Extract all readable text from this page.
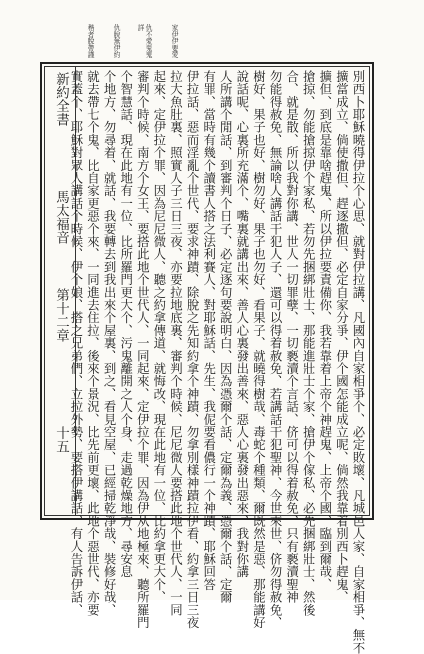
稭者脫帶謹	仇脫無伊約	仇不愛鬼鬼詳	家伊伊要愛
新約全書馬太福音第十二章十五	別西卜耶穌曉得伊拉个心思、就對伊拉講、凡國內自家相爭个、必定敗壞、凡城邑人家、自家相爭、無不
擴當成立、倘使撒但、趕逐撒但、必定自家分爭、伊个國怎能成立呢、倘然我靠着別西卜趕鬼、
擴但、到底是靠啥趕鬼、所以伊拉要責備你、我若靠着上帝个神趕鬼、上帝个國、臨到爾哉、
搶掠、勿能搶掠伊个家私、若勿先捆綁壯士、那能進壯士个家、搶伊个傢私、必先捆綁壯士、然後
合、就是散、所以我對你講、世人一切罪孽、一切褻瀆个言話、侪可以得着赦免、只有褻瀆聖神
勿能得赦免、無論啥人講話干犯人子、還可以得着赦免、若講話干犯聖神、今世來世、侪勿得赦免、
樹好、果子也好、樹勿好、果子也勿好、看果子、就曉得樹哉、毒蛇个種類、爾既然是惡、那能講好
說話呢、心裏所充滿个、嘴裏就講出來、善人心裏發出善來、惡人心裏發出惡來、我對你講
人所講个閒話、到審判个日子、必定逐句要說明白、因為憑爾个話、定爾為義、憑爾个話、定爾
有罪、當時有幾个讀書人搭之法利賽人、對耶穌話、先生、我伲要看儂行一个神蹟、耶穌回答
伊拉話、惡而淫亂个世代、要求神蹟、除脫之先知約拿个神蹟、勿拿別樣神蹟拉伊看、約拿三日三夜
拉大魚肚裏、照實人子三日三夜、亦要拉地底裏、審判个時候、尼尼微人要搭此地个世代人、一同
起來、定伊拉个罪、因為尼尼微人、聽之約拿傳道、就悔改、現在此地有一位、比約拿更大个、
審判个時候、南方个女王、要搭此地个世代人、一同起來、定伊拉个罪、因為伊从地極來、聽所羅門
个智慧話、現在此地有一位、比所羅門更大个、污鬼離開之人个身、走過乾燥地方、尋安息
个地方、勿尋着、就話、我要轉去到我出來个屋裏、到之、看見空屋、已經掃乾淨哉、裝修好哉、
就去帶七个鬼、比自家更惡个來、一同進去住拉、後來个景況、比先前更壞、此地个惡世代、亦要
實蓋个、耶穌對眾人講話个時候、伊个娘、搭之兄弟們、立拉外勢、要搭伊講話、有人告訴伊話、
